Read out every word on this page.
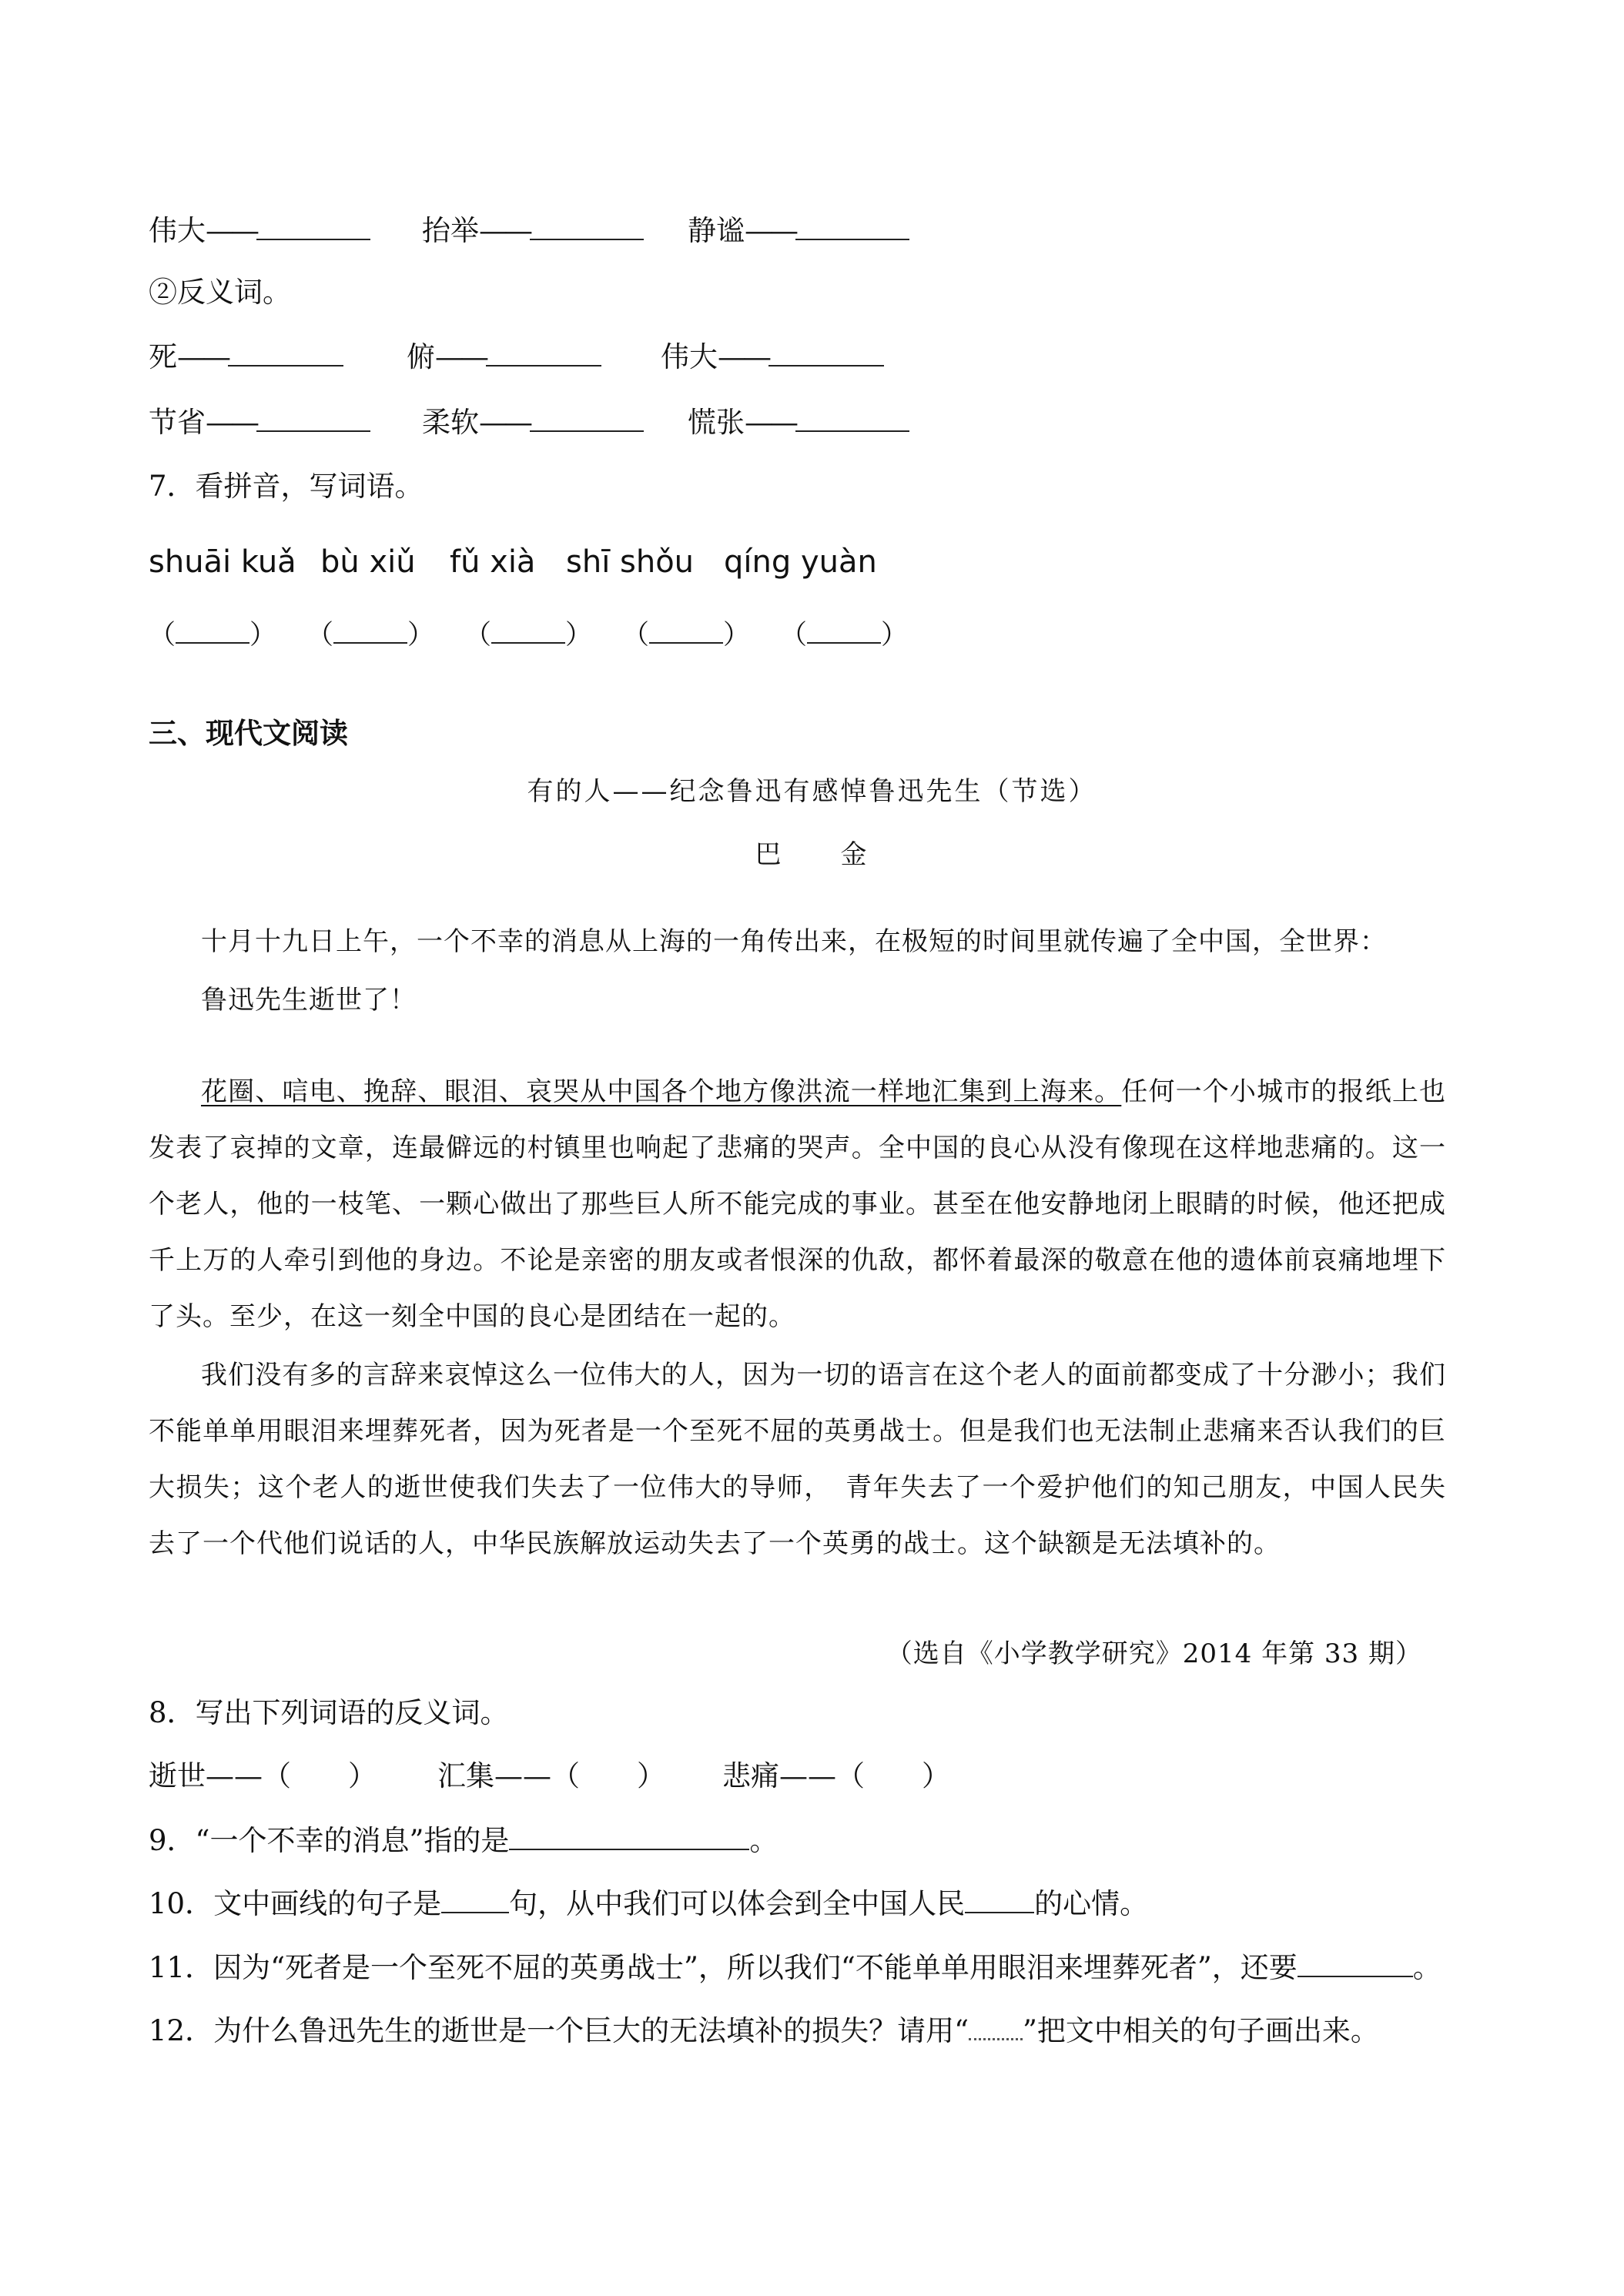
伟大——	抬举——	静谧——
②反义词。
死——	俯——	伟大——
节省——	柔软——	慌张——
7．看拼音，写词语。
shuāi kuǎ bù xiǔ fǔ xià shī shǒu qíng yuàn
（	） （	） （	） （	） （	）
三、现代文阅读
有的人——纪念鲁迅有感悼鲁迅先生（节选）
巴　　金

十月十九日上午，一个不幸的消息从上海的一角传出来，在极短的时间里就传遍了全中国，全世界：

鲁迅先生逝世了！

花圈、唁电、挽辞、眼泪、哀哭从中国各个地方像洪流一样地汇集到上海来。任何一个小城市的报纸上也发表了哀掉的文章，连最僻远的村镇里也响起了悲痛的哭声。全中国的良心从没有像现在这样地悲痛的。这一个老人，他的一枝笔、一颗心做出了那些巨人所不能完成的事业。甚至在他安静地闭上眼睛的时候，他还把成千上万的人牵引到他的身边。不论是亲密的朋友或者恨深的仇敌，都怀着最深的敬意在他的遗体前哀痛地埋下了头。至少，在这一刻全中国的良心是团结在一起的。

我们没有多的言辞来哀悼这么一位伟大的人，因为一切的语言在这个老人的面前都变成了十分渺小；我们不能单单用眼泪来埋葬死者，因为死者是一个至死不屈的英勇战士。但是我们也无法制止悲痛来否认我们的巨大损失；这个老人的逝世使我们失去了一位伟大的导师，　青年失去了一个爱护他们的知己朋友，中国人民失去了一个代他们说话的人，中华民族解放运动失去了一个英勇的战士。这个缺额是无法填补的。

（选自《小学教学研究》2014 年第 33 期）
8．写出下列词语的反义词。
逝世——（　　） 汇集——（　　） 悲痛——（　　）
9．“一个不幸的消息”指的是	。
10．文中画线的句子是 句，从中我们可以体会到全中国人民 的心情。
11．因为“死者是一个至死不屈的英勇战士”，所以我们“不能单单用眼泪来埋葬死者”，还要	。
12．为什么鲁迅先生的逝世是一个巨大的无法填补的损失？请用“ ”把文中相关的句子画出来。
